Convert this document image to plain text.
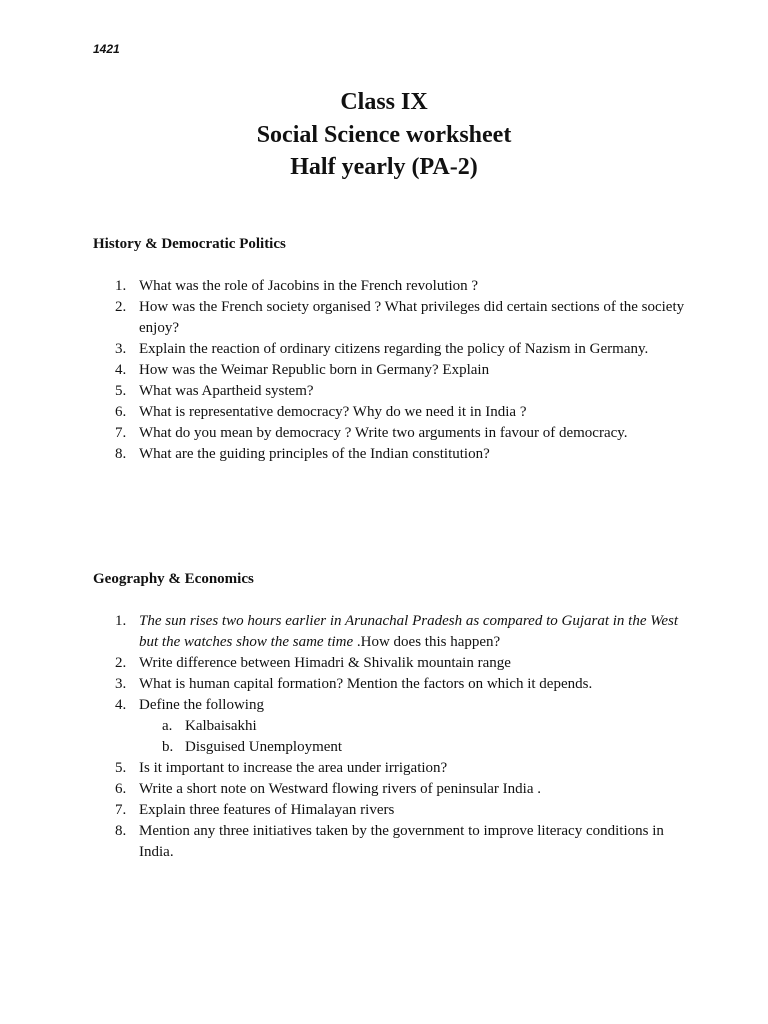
1421

Class IX

Social Science worksheet

Half yearly (PA-2)

History & Democratic Politics
1. What was the role of Jacobins in the French revolution ?
2. How was the French society organised ? What privileges did certain sections of the society enjoy?
3. Explain the reaction of ordinary citizens regarding the policy of Nazism in Germany.
4. How was the Weimar Republic born in Germany? Explain
5. What was Apartheid system?
6. What is representative democracy? Why do we need it in India ?
7. What do you mean by democracy ? Write two arguments in favour of democracy.
8. What are the guiding principles of the Indian constitution?
Geography & Economics
1. The sun rises two hours earlier in Arunachal Pradesh as compared to Gujarat in the West but the watches show the same time .How does this happen?
2. Write difference between Himadri & Shivalik mountain range
3. What is human capital formation? Mention the factors on which it depends.
4. Define the following
a. Kalbaisakhi
b. Disguised Unemployment
5. Is it important to increase the area under irrigation?
6. Write a short note on Westward flowing rivers of peninsular India .
7. Explain three features of Himalayan rivers
8. Mention any three initiatives taken by the government to improve literacy conditions in India.
